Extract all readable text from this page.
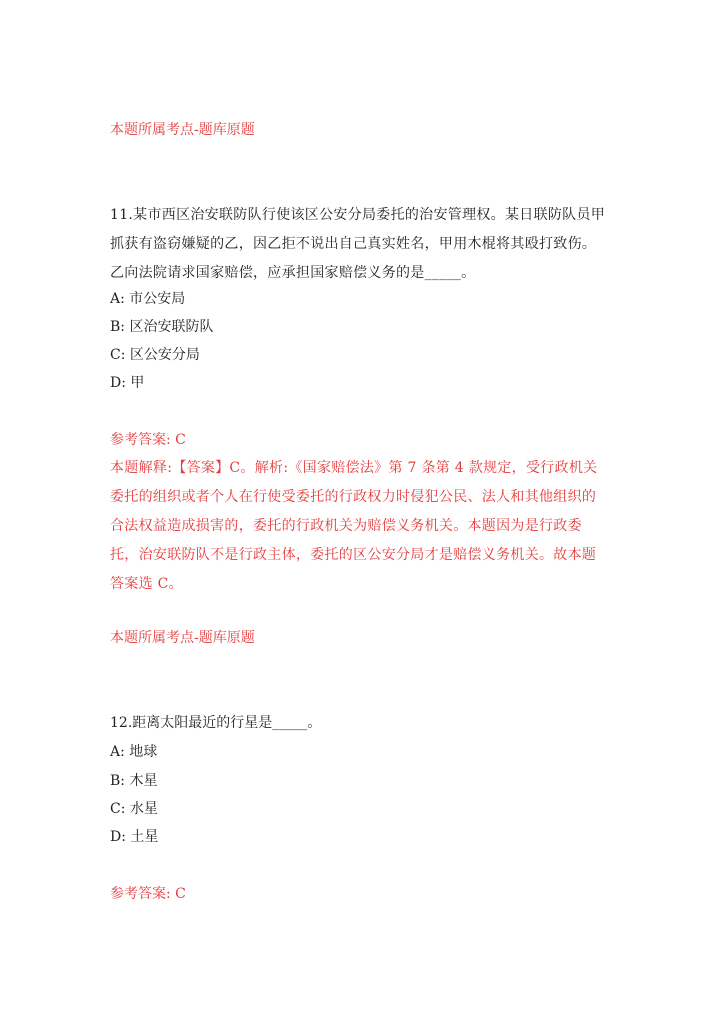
本题所属考点-题库原题
11.某市西区治安联防队行使该区公安分局委托的治安管理权。某日联防队员甲
抓获有盗窃嫌疑的乙，因乙拒不说出自己真实姓名，甲用木棍将其殴打致伤。
乙向法院请求国家赔偿，应承担国家赔偿义务的是_____。
A: 市公安局
B: 区治安联防队
C: 区公安分局
D: 甲
参考答案: C
本题解释:【答案】C。解析:《国家赔偿法》第 7 条第 4 款规定，受行政机关
委托的组织或者个人在行使受委托的行政权力时侵犯公民、法人和其他组织的
合法权益造成损害的，委托的行政机关为赔偿义务机关。本题因为是行政委
托，治安联防队不是行政主体，委托的区公安分局才是赔偿义务机关。故本题
答案选 C。
本题所属考点-题库原题
12.距离太阳最近的行星是_____。
A: 地球
B: 木星
C: 水星
D: 土星
参考答案: C
